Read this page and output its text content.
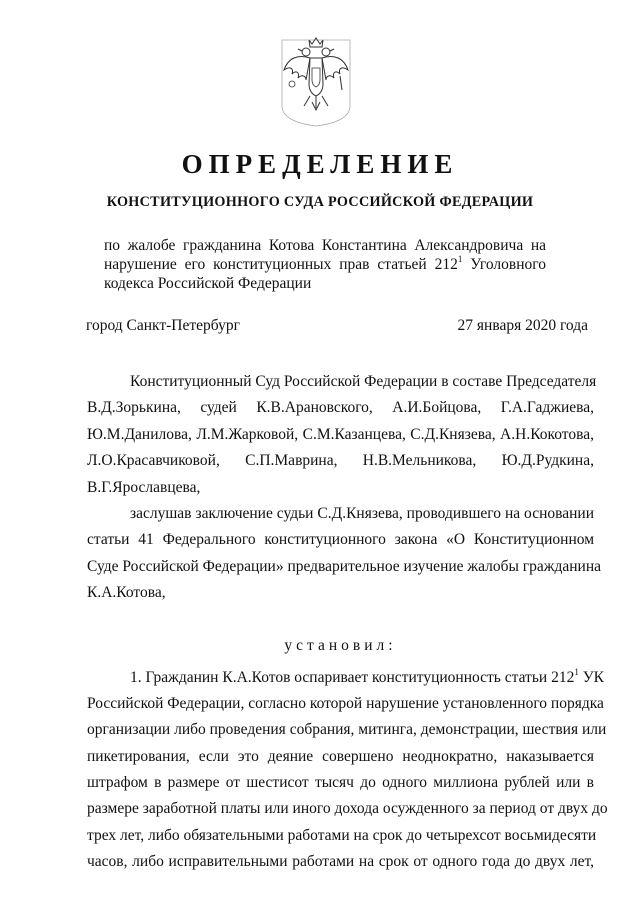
ОПРЕДЕЛЕНИЕ
КОНСТИТУЦИОННОГО СУДА РОССИЙСКОЙ ФЕДЕРАЦИИ
по жалобе гражданина Котова Константина Александровича на
нарушение его конституционных прав статьей $212^1$ Уголовного
кодекса Российской Федерации
город Санкт-Петербург	27 января 2020 года
Конституционный Суд Российской Федерации в составе Председателя
В.Д.Зорькина, судей К.В.Арановского, А.И.Бойцова, Г.А.Гаджиева,
Ю.М.Данилова, Л.М.Жарковой, С.М.Казанцева, С.Д.Князева, А.Н.Кокотова,
Л.О.Красавчиковой, С.П.Маврина, Н.В.Мельникова, Ю.Д.Рудкина,
В.Г.Ярославцева,
заслушав заключение судьи С.Д.Князева, проводившего на основании
статьи 41 Федерального конституционного закона «О Конституционном
Суде Российской Федерации» предварительное изучение жалобы гражданина
К.А.Котова,
установил:
1. Гражданин К.А.Котов оспаривает конституционность статьи $212^1$ УК
Российской Федерации, согласно которой нарушение установленного порядка
организации либо проведения собрания, митинга, демонстрации, шествия или
пикетирования, если это деяние совершено неоднократно, наказывается
штрафом в размере от шестисот тысяч до одного миллиона рублей или в
размере заработной платы или иного дохода осужденного за период от двух до
трех лет, либо обязательными работами на срок до четырехсот восьмидесяти
часов, либо исправительными работами на срок от одного года до двух лет,
